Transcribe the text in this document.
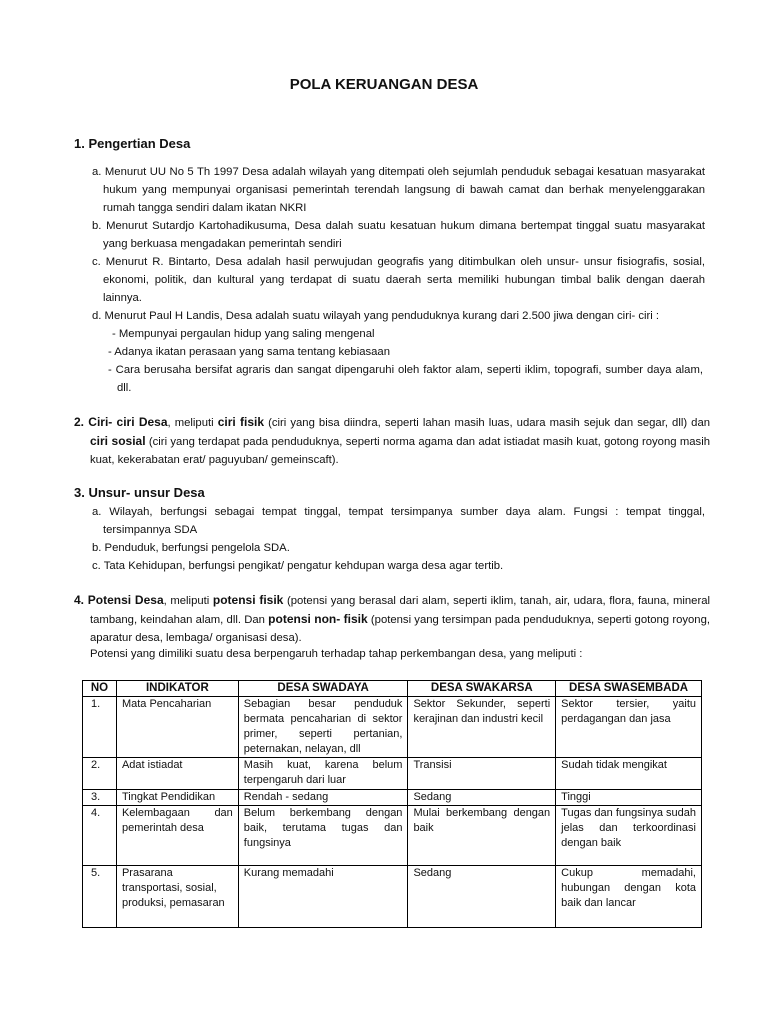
POLA KERUANGAN DESA
1. Pengertian Desa
a. Menurut UU No 5 Th 1997 Desa adalah wilayah yang ditempati oleh sejumlah penduduk sebagai kesatuan masyarakat hukum yang mempunyai organisasi pemerintah terendah langsung di bawah camat dan berhak menyelenggarakan rumah tangga sendiri dalam ikatan NKRI
b. Menurut Sutardjo Kartohadikusuma, Desa dalah suatu kesatuan hukum dimana bertempat tinggal suatu masyarakat yang berkuasa mengadakan pemerintah sendiri
c. Menurut R. Bintarto, Desa adalah hasil perwujudan geografis yang ditimbulkan oleh unsur- unsur fisiografis, sosial, ekonomi, politik, dan kultural yang terdapat di suatu daerah serta memiliki hubungan timbal balik dengan daerah lainnya.
d. Menurut Paul H Landis, Desa adalah suatu wilayah yang penduduknya kurang dari 2.500 jiwa dengan ciri- ciri :
- Mempunyai pergaulan hidup yang saling mengenal
- Adanya ikatan perasaan yang sama tentang kebiasaan
- Cara berusaha bersifat agraris dan sangat dipengaruhi oleh faktor alam, seperti iklim, topografi, sumber daya alam, dll.
2. Ciri- ciri Desa, meliputi ciri fisik (ciri yang bisa diindra, seperti lahan masih luas, udara masih sejuk dan segar, dll) dan ciri sosial (ciri yang terdapat pada penduduknya, seperti norma agama dan adat istiadat masih kuat, gotong royong masih kuat, kekerabatan erat/ paguyuban/ gemeinscaft).
3. Unsur- unsur Desa
a. Wilayah, berfungsi sebagai tempat tinggal, tempat tersimpanya sumber daya alam. Fungsi : tempat tinggal, tersimpannya SDA
b. Penduduk, berfungsi pengelola SDA.
c. Tata Kehidupan, berfungsi pengikat/ pengatur kehdupan warga desa agar tertib.
4. Potensi Desa, meliputi potensi fisik (potensi yang berasal dari alam, seperti iklim, tanah, air, udara, flora, fauna, mineral tambang, keindahan alam, dll. Dan potensi non- fisik (potensi yang tersimpan pada penduduknya, seperti gotong royong, aparatur desa, lembaga/ organisasi desa).
Potensi yang dimiliki suatu desa berpengaruh terhadap tahap perkembangan desa, yang meliputi :
NO	INDIKATOR	DESA SWADAYA	DESA SWAKARSA	DESA SWASEMBADA
1.	Mata Pencaharian	Sebagian besar penduduk bermata pencaharian di sektor primer, seperti pertanian, peternakan, nelayan, dll	Sektor Sekunder, seperti kerajinan dan industri kecil	Sektor tersier, yaitu perdagangan dan jasa
2.	Adat istiadat	Masih kuat, karena belum terpengaruh dari luar	Transisi	Sudah tidak mengikat
3.	Tingkat Pendidikan	Rendah - sedang	Sedang	Tinggi
4.	Kelembagaan dan pemerintah desa	Belum berkembang dengan baik, terutama tugas dan fungsinya	Mulai berkembang dengan baik	Tugas dan fungsinya sudah jelas dan terkoordinasi dengan baik
5.	Prasarana transportasi, sosial, produksi, pemasaran	Kurang memadahi	Sedang	Cukup memadahi, hubungan dengan kota baik dan lancar
